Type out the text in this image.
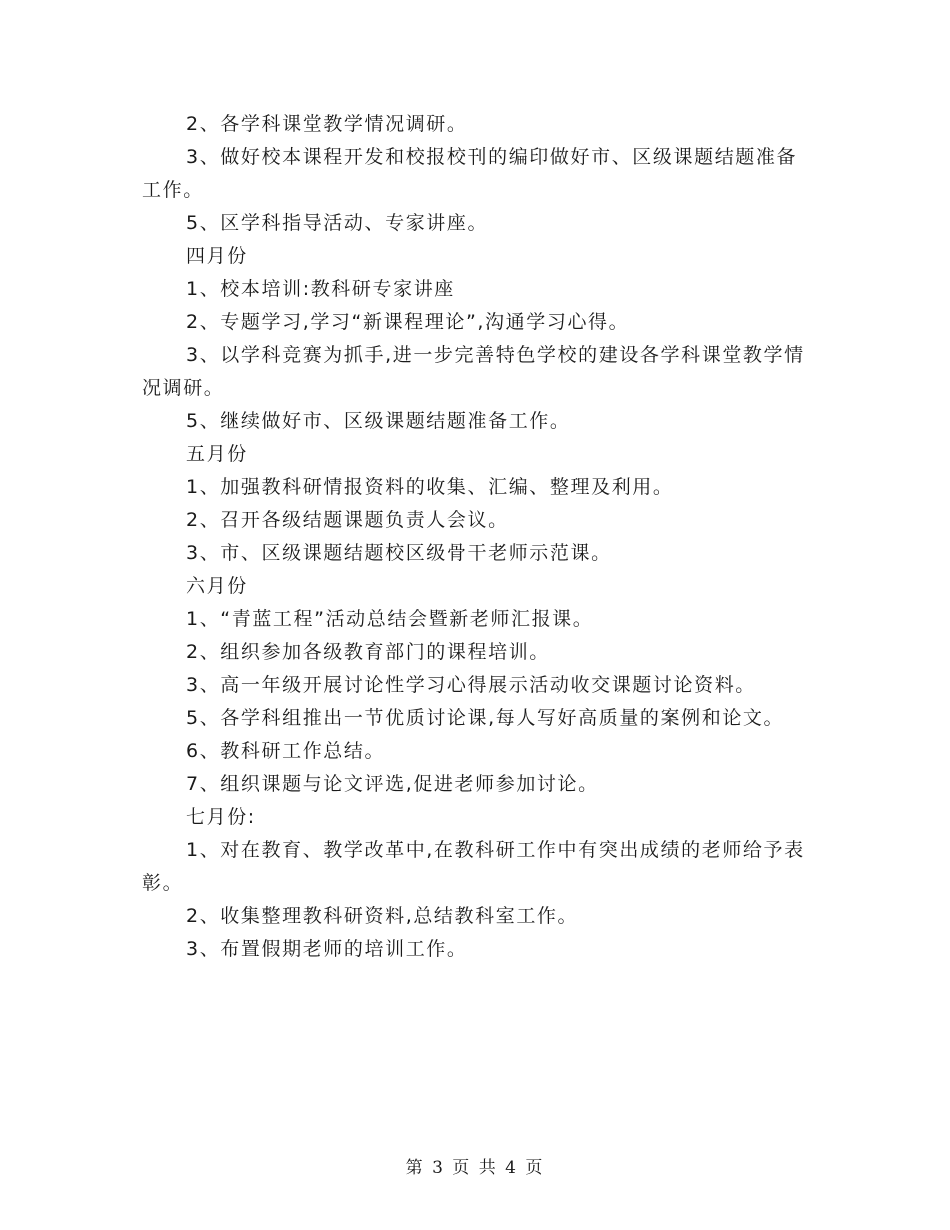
2、各学科课堂教学情况调研。

3、做好校本课程开发和校报校刊的编印做好市、区级课题结题准备工作。

5、区学科指导活动、专家讲座。

四月份

1、校本培训:教科研专家讲座

2、专题学习,学习“新课程理论”,沟通学习心得。

3、以学科竞赛为抓手,进一步完善特色学校的建设各学科课堂教学情况调研。

5、继续做好市、区级课题结题准备工作。

五月份

1、加强教科研情报资料的收集、汇编、整理及利用。

2、召开各级结题课题负责人会议。

3、市、区级课题结题校区级骨干老师示范课。

六月份

1、“青蓝工程”活动总结会暨新老师汇报课。

2、组织参加各级教育部门的课程培训。

3、高一年级开展讨论性学习心得展示活动收交课题讨论资料。

5、各学科组推出一节优质讨论课,每人写好高质量的案例和论文。

6、教科研工作总结。

7、组织课题与论文评选,促进老师参加讨论。

七月份:

1、对在教育、教学改革中,在教科研工作中有突出成绩的老师给予表彰。

2、收集整理教科研资料,总结教科室工作。

3、布置假期老师的培训工作。

第 3 页 共 4 页
